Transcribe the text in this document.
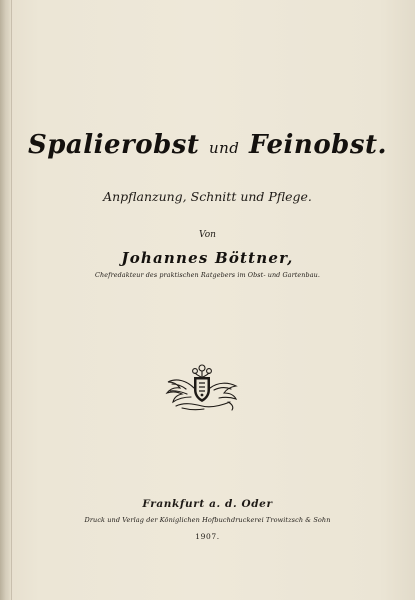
Spalierobst und Feinobst.
Anpflanzung, Schnitt und Pflege.
Von
Johannes Böttner,
Chefredakteur des praktischen Ratgebers im Obst- und Gartenbau.
Frankfurt a. d. Oder
Druck und Verlag der Königlichen Hofbuchdruckerei Trowitzsch & Sohn
1907.
